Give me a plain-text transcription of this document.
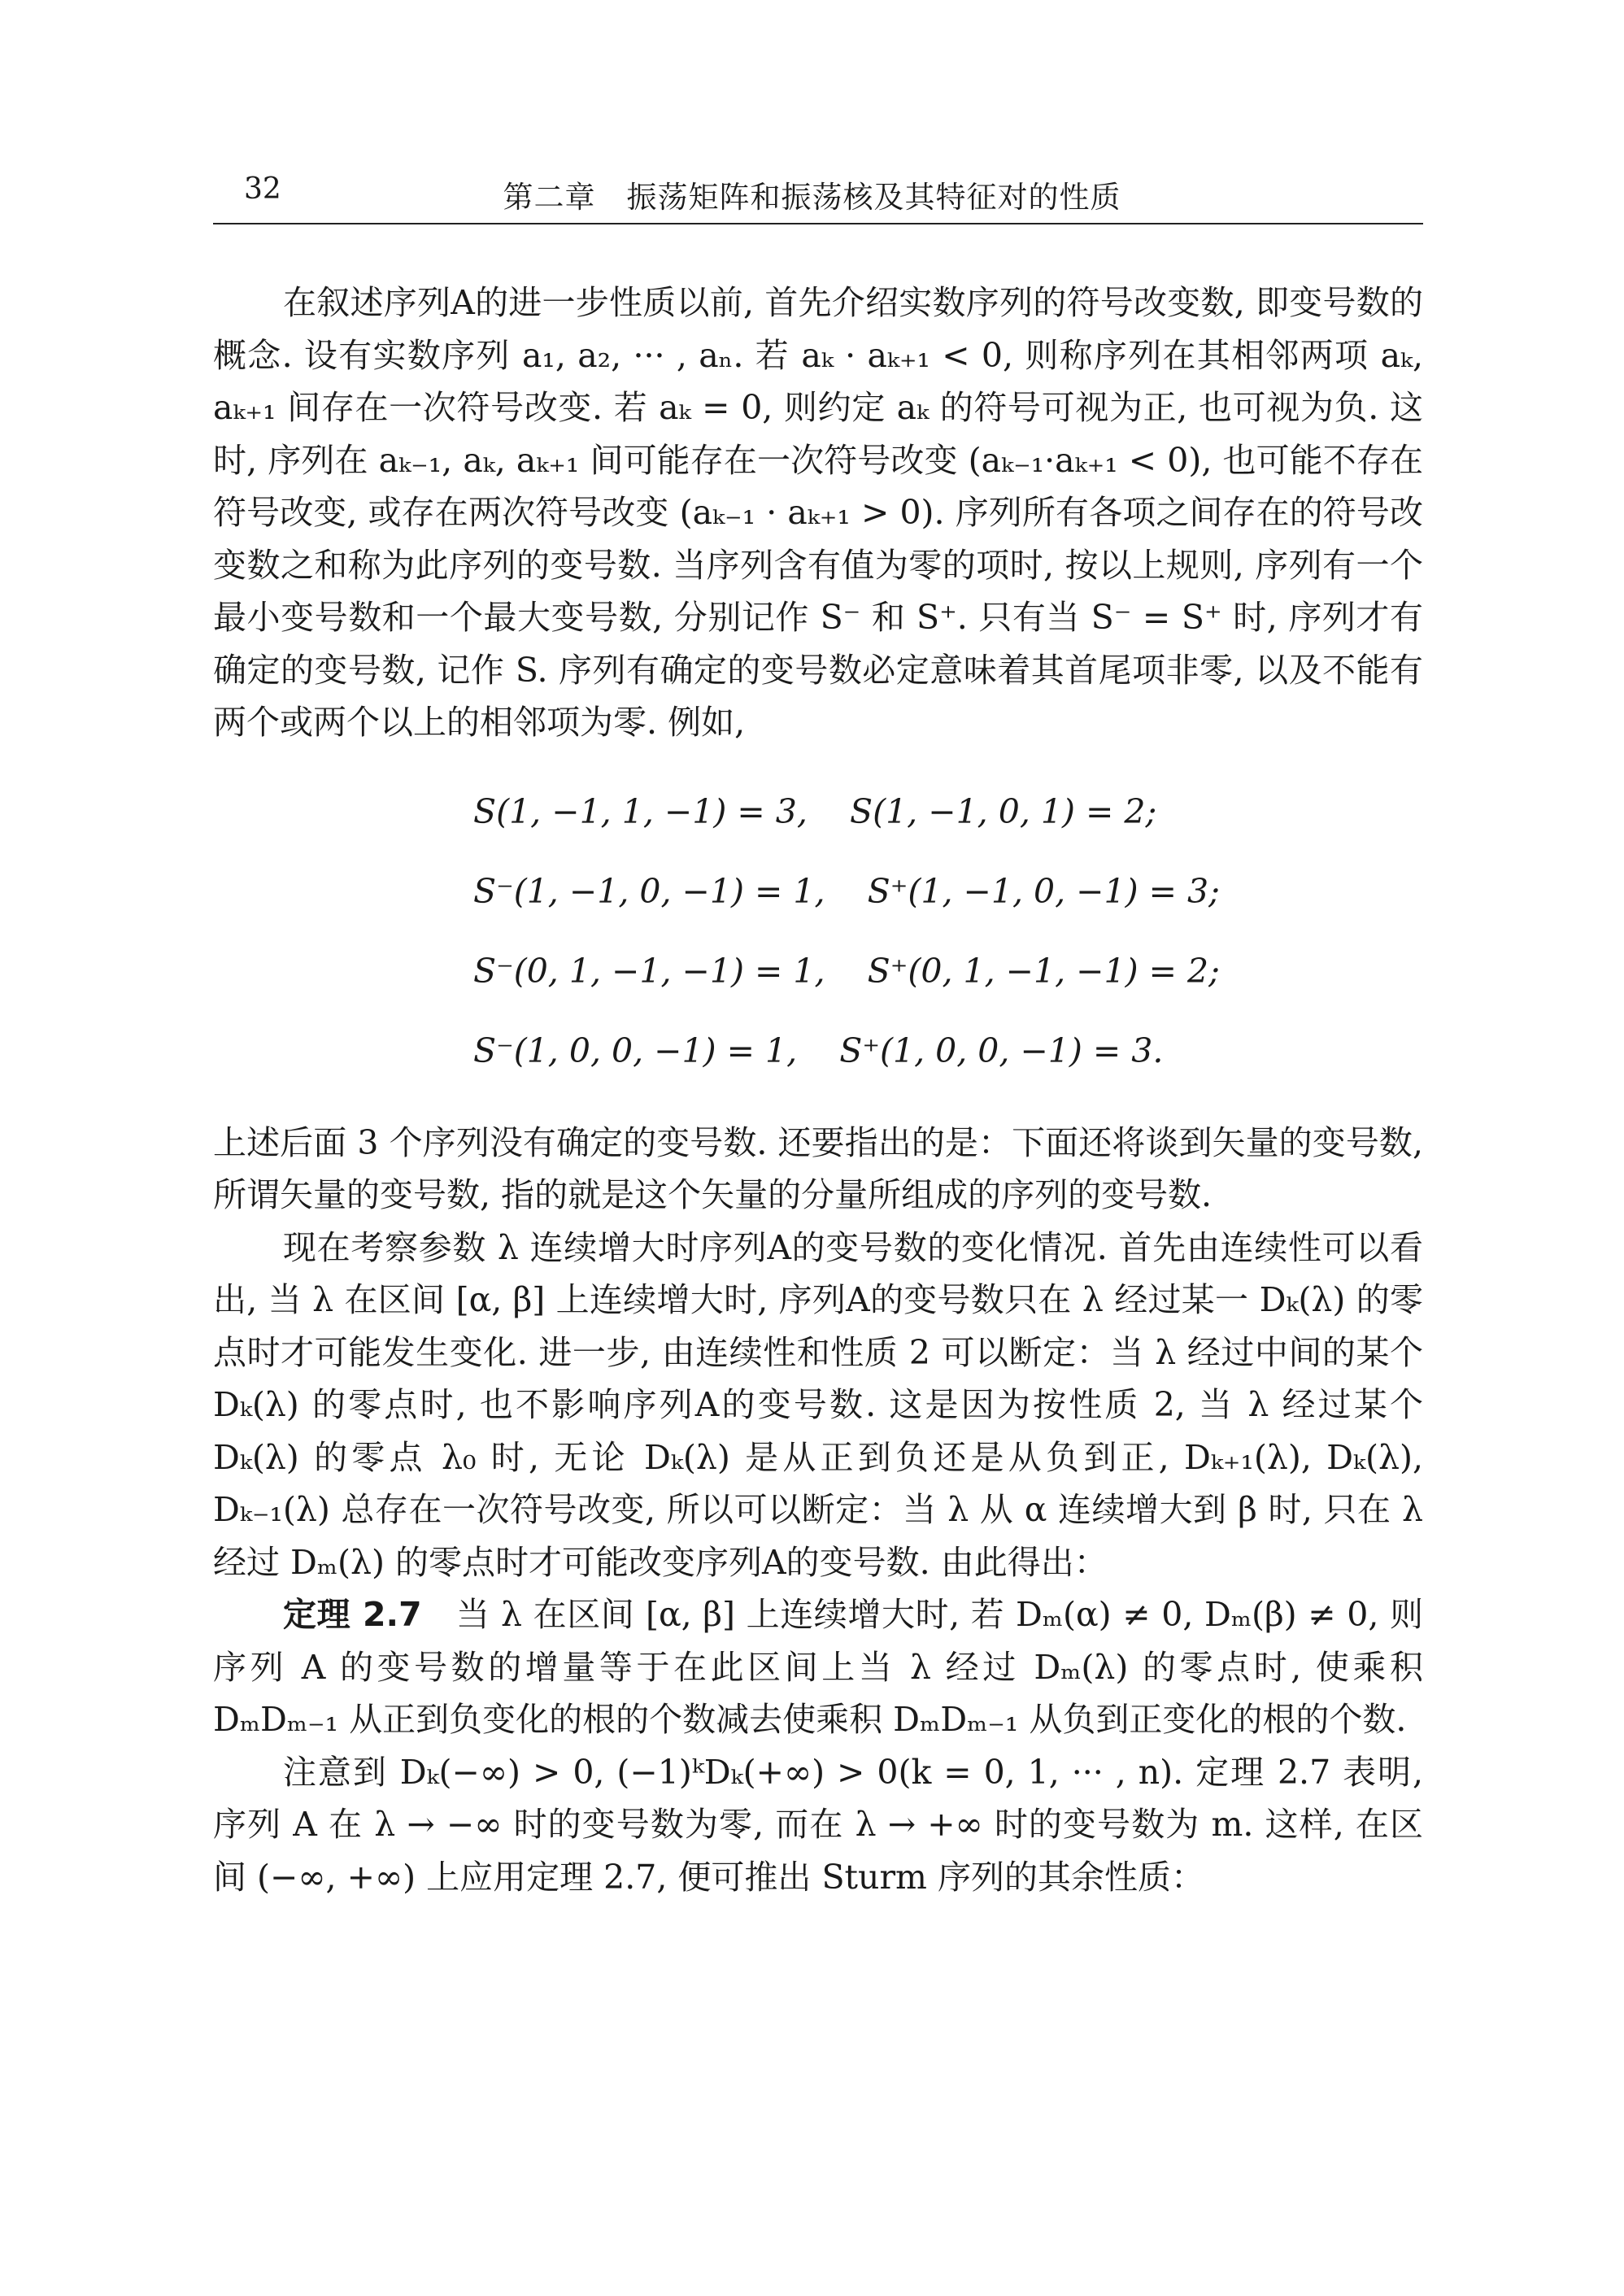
32	第二章　振荡矩阵和振荡核及其特征对的性质

在叙述序列A的进一步性质以前, 首先介绍实数序列的符号改变数, 即变号数的概念. 设有实数序列 a₁, a₂, ··· , aₙ. 若 aₖ · aₖ₊₁ < 0, 则称序列在其相邻两项 aₖ, aₖ₊₁ 间存在一次符号改变. 若 aₖ = 0, 则约定 aₖ 的符号可视为正, 也可视为负. 这时, 序列在 aₖ₋₁, aₖ, aₖ₊₁ 间可能存在一次符号改变 (aₖ₋₁·aₖ₊₁ < 0), 也可能不存在符号改变, 或存在两次符号改变 (aₖ₋₁ · aₖ₊₁ > 0). 序列所有各项之间存在的符号改变数之和称为此序列的变号数. 当序列含有值为零的项时, 按以上规则, 序列有一个最小变号数和一个最大变号数, 分别记作 S⁻ 和 S⁺. 只有当 S⁻ = S⁺ 时, 序列才有确定的变号数, 记作 S. 序列有确定的变号数必定意味着其首尾项非零, 以及不能有两个或两个以上的相邻项为零. 例如,

S(1, −1, 1, −1) = 3,    S(1, −1, 0, 1) = 2;
S⁻(1, −1, 0, −1) = 1,    S⁺(1, −1, 0, −1) = 3;
S⁻(0, 1, −1, −1) = 1,    S⁺(0, 1, −1, −1) = 2;
S⁻(1, 0, 0, −1) = 1,    S⁺(1, 0, 0, −1) = 3.

上述后面 3 个序列没有确定的变号数. 还要指出的是：下面还将谈到矢量的变号数, 所谓矢量的变号数, 指的就是这个矢量的分量所组成的序列的变号数.

现在考察参数 λ 连续增大时序列A的变号数的变化情况. 首先由连续性可以看出, 当 λ 在区间 [α, β] 上连续增大时, 序列A的变号数只在 λ 经过某一 Dₖ(λ) 的零点时才可能发生变化. 进一步, 由连续性和性质 2 可以断定：当 λ 经过中间的某个 Dₖ(λ) 的零点时, 也不影响序列A的变号数. 这是因为按性质 2, 当 λ 经过某个 Dₖ(λ) 的零点 λ₀ 时, 无论 Dₖ(λ) 是从正到负还是从负到正, Dₖ₊₁(λ), Dₖ(λ), Dₖ₋₁(λ) 总存在一次符号改变, 所以可以断定：当 λ 从 α 连续增大到 β 时, 只在 λ 经过 Dₘ(λ) 的零点时才可能改变序列A的变号数. 由此得出：

定理 2.7　当 λ 在区间 [α, β] 上连续增大时, 若 Dₘ(α) ≠ 0, Dₘ(β) ≠ 0, 则序列 A 的变号数的增量等于在此区间上当 λ 经过 Dₘ(λ) 的零点时, 使乘积 DₘDₘ₋₁ 从正到负变化的根的个数减去使乘积 DₘDₘ₋₁ 从负到正变化的根的个数.

注意到 Dₖ(−∞) > 0, (−1)ᵏDₖ(+∞) > 0(k = 0, 1, ··· , n). 定理 2.7 表明, 序列 A 在 λ → −∞ 时的变号数为零, 而在 λ → +∞ 时的变号数为 m. 这样, 在区间 (−∞, +∞) 上应用定理 2.7, 便可推出 Sturm 序列的其余性质：
